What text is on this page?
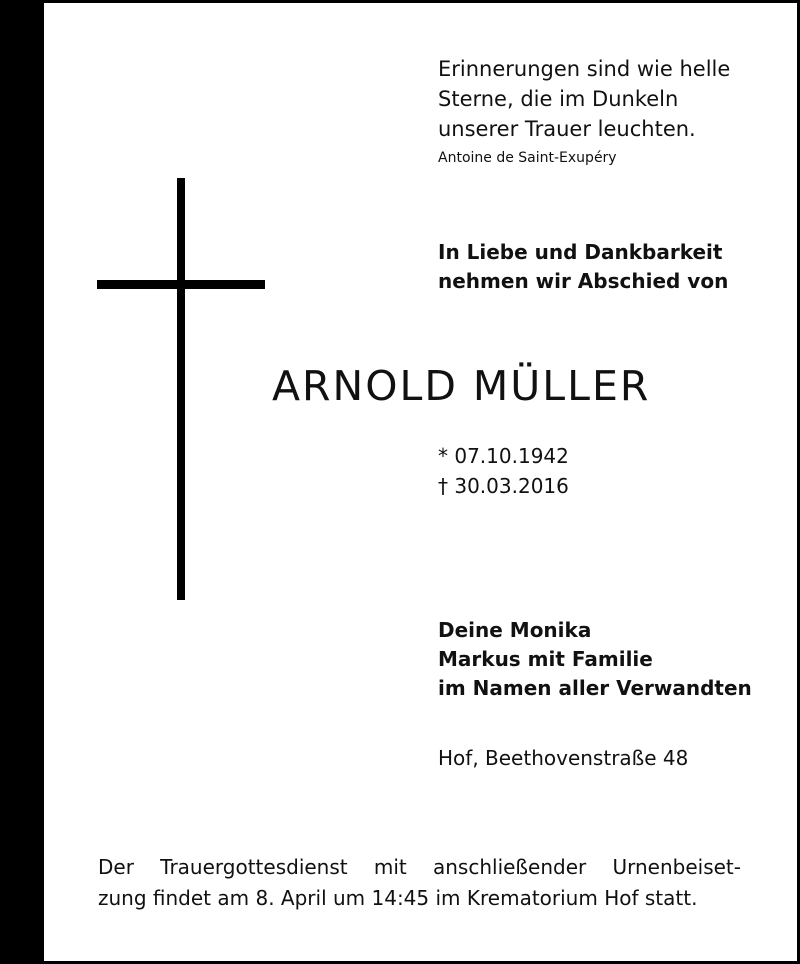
Erinnerungen sind wie helle
Sterne, die im Dunkeln
unserer Trauer leuchten.
Antoine de Saint-Exupéry
In Liebe und Dankbarkeit
nehmen wir Abschied von
ARNOLD MÜLLER
* 07.10.1942
† 30.03.2016
Deine Monika
Markus mit Familie
im Namen aller Verwandten
Hof, Beethovenstraße 48
Der Trauergottesdienst mit anschließender Urnenbeiset-
zung findet am 8. April um 14:45 im Krematorium Hof statt.
